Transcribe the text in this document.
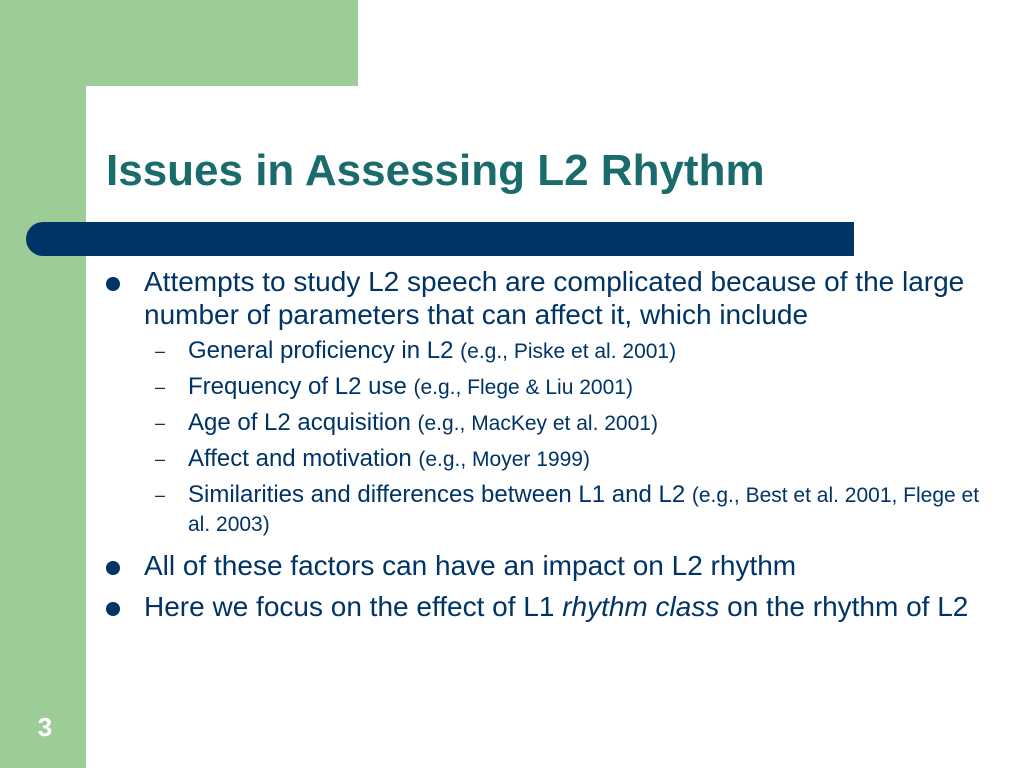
Issues in Assessing L2 Rhythm
Attempts to study L2 speech are complicated because of the large number of parameters that can affect it, which include
– General proficiency in L2 (e.g., Piske et al. 2001)
– Frequency of L2 use (e.g., Flege & Liu 2001)
– Age of L2 acquisition (e.g., MacKey et al. 2001)
– Affect and motivation (e.g., Moyer 1999)
– Similarities and differences between L1 and L2 (e.g., Best et al. 2001, Flege et al. 2003)
All of these factors can have an impact on L2 rhythm
Here we focus on the effect of L1 rhythm class on the rhythm of L2
3
